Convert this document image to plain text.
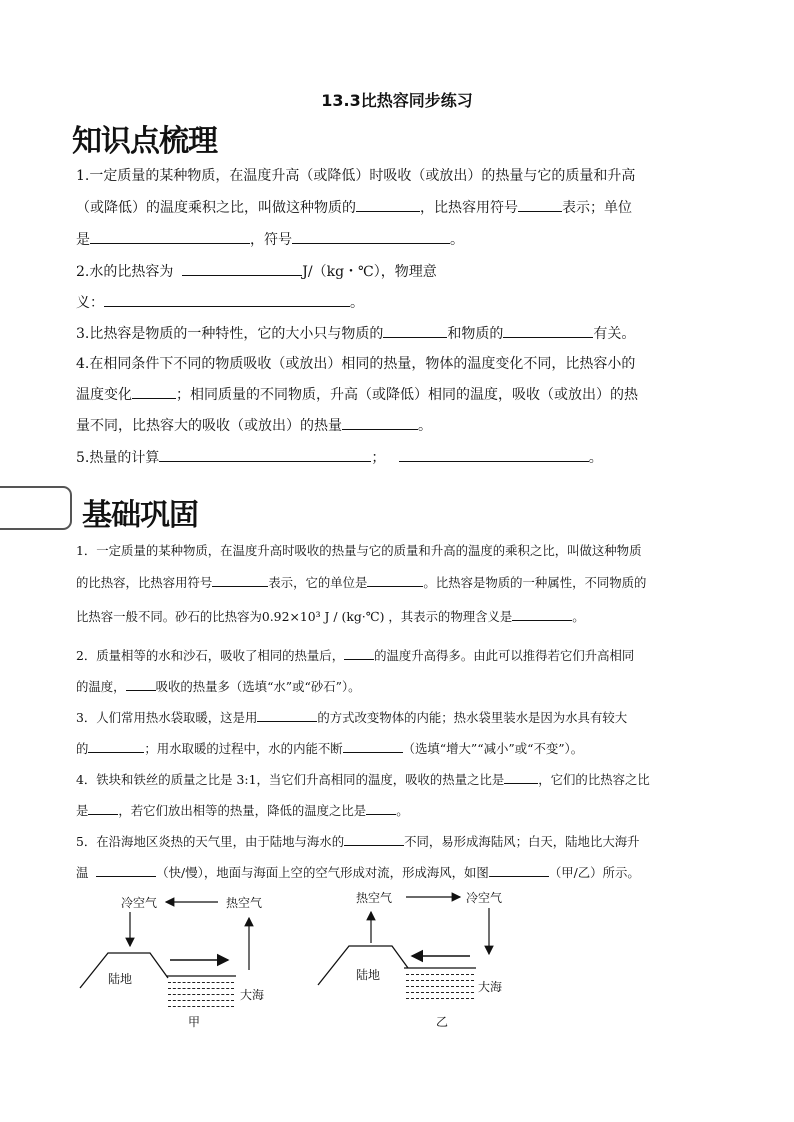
13.3比热容同步练习
知识点梳理
1.一定质量的某种物质，在温度升高（或降低）时吸收（或放出）的热量与它的质量和升高
（或降低）的温度乘积之比，叫做这种物质的	，比热容用符号	表示；单位
是	，符号	。
2.水的比热容为	J/（kg・℃），物理意
义：	。
3.比热容是物质的一种特性，它的大小只与物质的	和物质的	有关。
4.在相同条件下不同的物质吸收（或放出）相同的热量，物体的温度变化不同，比热容小的
温度变化	；相同质量的不同物质，升高（或降低）相同的温度，吸收（或放出）的热
量不同，比热容大的吸收（或放出）的热量	。
5.热量的计算	；	。
基础巩固
1．一定质量的某种物质，在温度升高时吸收的热量与它的质量和升高的温度的乘积之比，叫做这种物质
的比热容，比热容用符号	表示，它的单位是	。比热容是物质的一种属性，不同物质的
比热容一般不同。砂石的比热容为0.92×10³ J / (kg·℃) ，其表示的物理含义是	。
2．质量相等的水和沙石，吸收了相同的热量后， 的温度升高得多。由此可以推得若它们升高相同
的温度， 吸收的热量多（选填“水”或“砂石”）。
3．人们常用热水袋取暖，这是用	的方式改变物体的内能；热水袋里装水是因为水具有较大
的	；用水取暖的过程中，水的内能不断	（选填“增大”“减小”或“不变”）。
4．铁块和铁丝的质量之比是 3:1，当它们升高相同的温度，吸收的热量之比是	，它们的比热容之比
是 ，若它们放出相等的热量，降低的温度之比是 。
5．在沿海地区炎热的天气里，由于陆地与海水的	不同，易形成海陆风；白天，陆地比大海升
温	（快/慢），地面与海面上空的空气形成对流，形成海风，如图	（甲/乙）所示。
冷空气	热空气
陆地
大海
甲
热空气	冷空气
陆地
大海
乙
